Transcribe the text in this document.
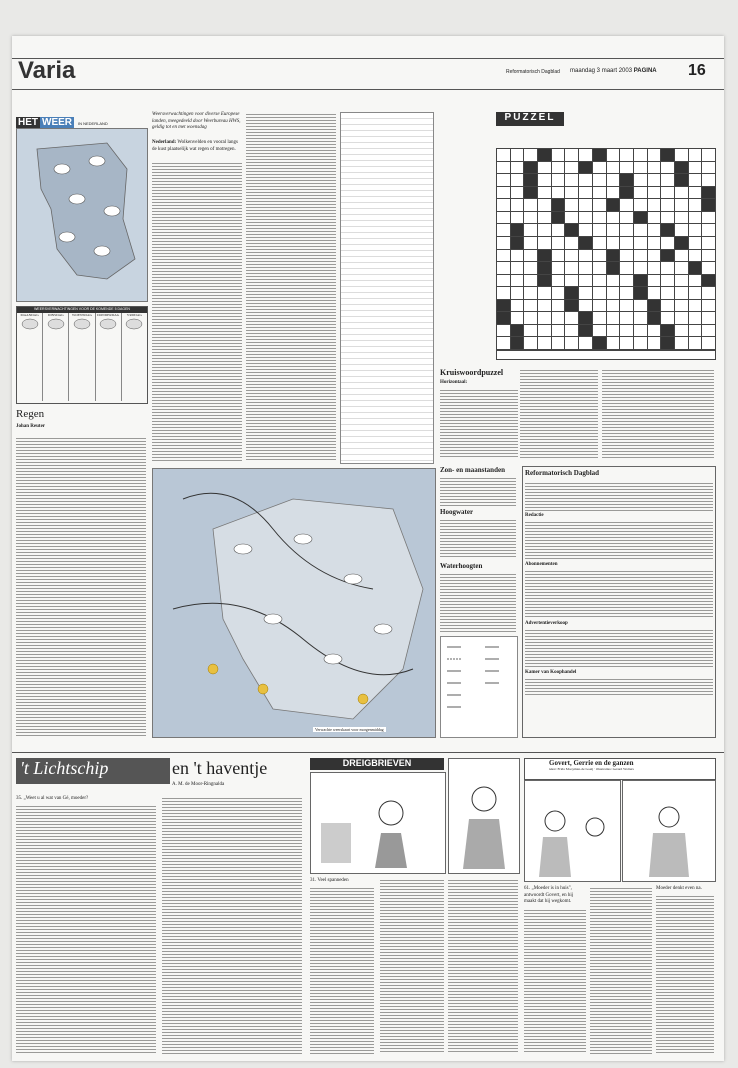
Varia	Reformatorisch Dagblad maandag 3 maart 2003 PAGINA 16
HET WEER IN NEDERLAND
WEERSVERWACHTINGEN VOOR DE KOMENDE 5 DAGEN
MAANDAG	DINSDAG	WOENSDAG	DONDERDAG	VRIJDAG
Regen
Johan Reuter
Weersverwachtingen voor diverse Europese landen, meegedeeld door Weerbureau HWS, geldig tot en met woensdag
Nederland: Wolkenvelden en vooral langs de kust plaatselijk wat regen of motregen.
PUZZEL
Kruiswoordpuzzel
Horizontaal:
Zon- en maanstanden
Hoogwater
Waterhoogten
Reformatorisch Dagblad
Redactie
Abonnementen
Advertentieverkoop
Kamer van Koophandel
Verwachte weerskaart voor morgenmiddag
't Lichtschip	en 't haventje
A. M. de Moor-Ringnalda
35. „Weet u al wat van Gé, moeder?
DREIGBRIEVEN
31. Veel spanneden
Govert, Gerrie en de ganzen
tekst: Frida Mooyman-de Goeij · illustraties: Gerard Wolters
61. „Moeder is in huis", antwoordt Govert, en hij maakt dat hij wegkomt.
Moeder denkt even na.
